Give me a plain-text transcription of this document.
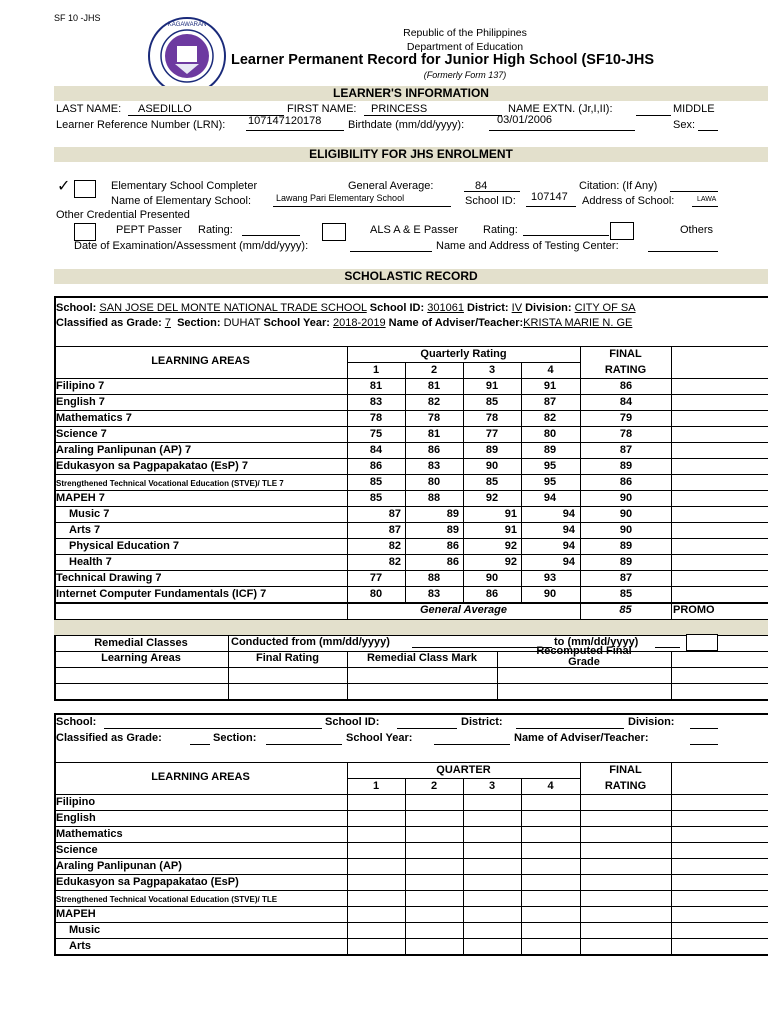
SF 10 -JHS
KAGAWARAN
Republic of the Philippines
Department of Education
Learner Permanent Record for Junior High School (SF10-JHS
(Formerly Form 137)
LEARNER'S INFORMATION
LAST NAME: ASEDILLO	FIRST NAME: PRINCESS	NAME EXTN. (Jr,I,II):	MIDDLE
Learner Reference Number (LRN): 107147120178 Birthdate (mm/dd/yyyy):	03/01/2006	Sex:
ELIGIBILITY FOR JHS ENROLMENT
✓	Elementary School Completer	General Average:	84	Citation: (If Any)
Name of Elementary School:	Lawang Pari Elementary School	School ID: 107147 Address of School:	LAWA
Other Credential Presented
PEPT Passer Rating:	ALS A & E Passer Rating:	Others
Date of Examination/Assessment (mm/dd/yyyy):	Name and Address of Testing Center:
SCHOLASTIC RECORD
School: SAN JOSE DEL MONTE NATIONAL TRADE SCHOOL School ID: 301061 District: IV Division: CITY OF SA
Classified as Grade: 7 Section: DUHAT School Year: 2018-2019 Name of Adviser/Teacher:KRISTA MARIE N. GE
LEARNING AREAS
Quarterly Rating
1	2	3	4
FINAL
RATING
Filipino 7	81	81	91	91	86
English 7	83	82	85	87	84
Mathematics 7	78	78	78	82	79
Science 7	75	81	77	80	78
Araling Panlipunan (AP) 7	84	86	89	89	87
Edukasyon sa Pagpapakatao (EsP) 7	86	83	90	95	89
Strengthened Technical Vocational Education (STVE)/ TLE 7	85	80	85	95	86
MAPEH 7	85	88	92	94	90
Music 7	87	89	91	94	90
Arts 7	87	89	91	94	90
Physical Education 7	82	86	92	94	89
Health 7	82	86	92	94	89
Technical Drawing 7	77	88	90	93	87
Internet Computer Fundamentals (ICF) 7	80	83	86	90	85
General Average	85	PROMO
Remedial Classes	Conducted from (mm/dd/yyyy)	to (mm/dd/yyyy)
Learning Areas	Final Rating	Remedial Class Mark
Recomputed Final
Grade
School:	School ID:	District:	Division:
Classified as Grade:	Section:	School Year:	Name of Adviser/Teacher:
LEARNING AREAS
QUARTER
1	2	3	4
FINAL
RATING
Filipino
English
Mathematics
Science
Araling Panlipunan (AP)
Edukasyon sa Pagpapakatao (EsP)
Strengthened Technical Vocational Education (STVE)/ TLE
MAPEH
Music
Arts
